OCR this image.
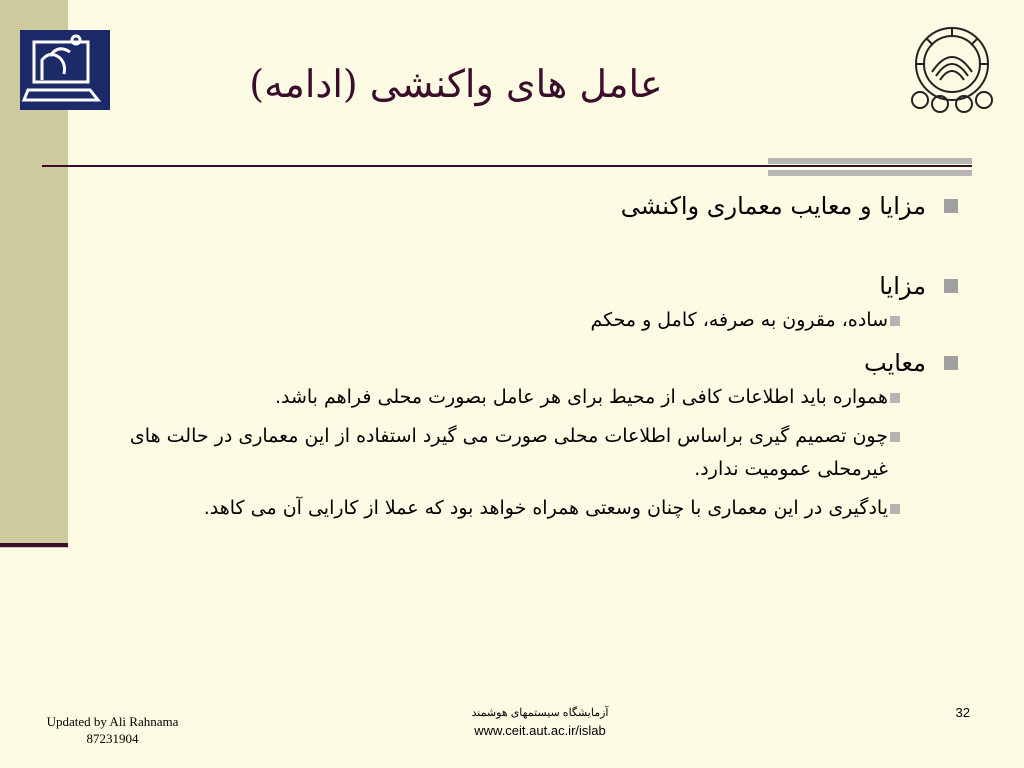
عامل های واکنشی (ادامه)
مزایا و معایب معماری واکنشی
مزایا
ساده، مقرون به صرفه، کامل و محکم
معایب
همواره باید اطلاعات کافی از محیط برای هر عامل بصورت محلی فراهم باشد.
چون تصمیم گیری براساس اطلاعات محلی صورت می گیرد استفاده از این معماری در حالت های غیرمحلی عمومیت ندارد.
یادگیری در این معماری با چنان وسعتی همراه خواهد بود که عملا از کارایی آن می کاهد.
Updated by Ali Rahnama
87231904
آزمایشگاه سیستمهای هوشمند
www.ceit.aut.ac.ir/islab
32
